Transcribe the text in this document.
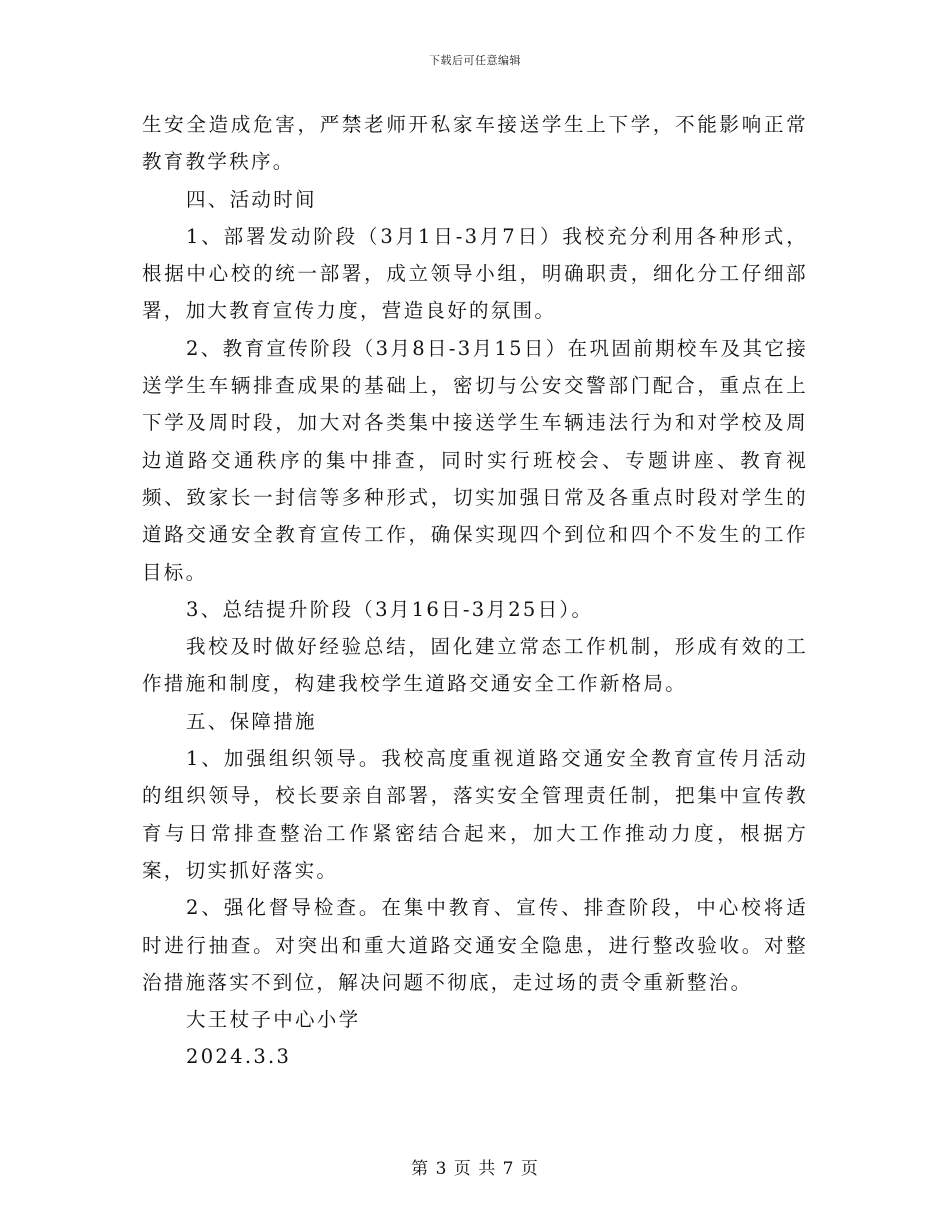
下载后可任意编辑

生安全造成危害，严禁老师开私家车接送学生上下学，不能影响正常教育教学秩序。

四、活动时间

1、部署发动阶段（3月1日-3月7日）我校充分利用各种形式，根据中心校的统一部署，成立领导小组，明确职责，细化分工仔细部署，加大教育宣传力度，营造良好的氛围。

2、教育宣传阶段（3月8日-3月15日）在巩固前期校车及其它接送学生车辆排查成果的基础上，密切与公安交警部门配合，重点在上下学及周时段，加大对各类集中接送学生车辆违法行为和对学校及周边道路交通秩序的集中排查，同时实行班校会、专题讲座、教育视频、致家长一封信等多种形式，切实加强日常及各重点时段对学生的道路交通安全教育宣传工作，确保实现四个到位和四个不发生的工作目标。

3、总结提升阶段（3月16日-3月25日）。

我校及时做好经验总结，固化建立常态工作机制，形成有效的工作措施和制度，构建我校学生道路交通安全工作新格局。

五、保障措施

1、加强组织领导。我校高度重视道路交通安全教育宣传月活动的组织领导，校长要亲自部署，落实安全管理责任制，把集中宣传教育与日常排查整治工作紧密结合起来，加大工作推动力度，根据方案，切实抓好落实。

2、强化督导检查。在集中教育、宣传、排查阶段，中心校将适时进行抽查。对突出和重大道路交通安全隐患，进行整改验收。对整治措施落实不到位，解决问题不彻底，走过场的责令重新整治。

大王杖子中心小学

2024.3.3

第 3 页 共 7 页
